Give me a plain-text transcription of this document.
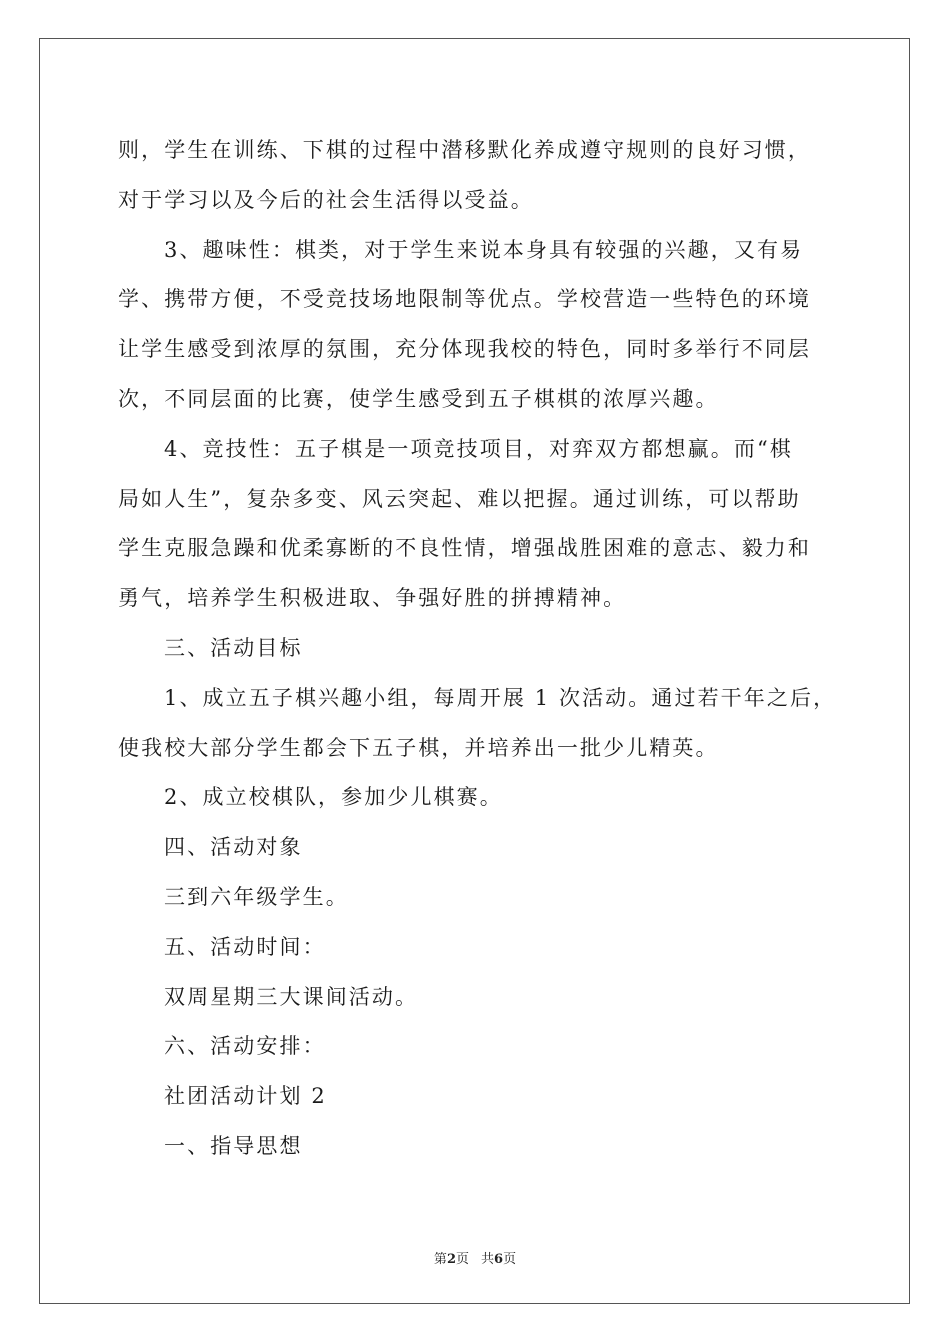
则，学生在训练、下棋的过程中潜移默化养成遵守规则的良好习惯，
对于学习以及今后的社会生活得以受益。

3、趣味性：棋类，对于学生来说本身具有较强的兴趣，又有易
学、携带方便，不受竞技场地限制等优点。学校营造一些特色的环境
让学生感受到浓厚的氛围，充分体现我校的特色，同时多举行不同层
次，不同层面的比赛，使学生感受到五子棋棋的浓厚兴趣。

4、竞技性：五子棋是一项竞技项目，对弈双方都想赢。而“棋
局如人生”，复杂多变、风云突起、难以把握。通过训练，可以帮助
学生克服急躁和优柔寡断的不良性情，增强战胜困难的意志、毅力和
勇气，培养学生积极进取、争强好胜的拼搏精神。

三、活动目标

1、成立五子棋兴趣小组，每周开展 1 次活动。通过若干年之后，
使我校大部分学生都会下五子棋，并培养出一批少儿精英。

2、成立校棋队，参加少儿棋赛。

四、活动对象

三到六年级学生。

五、活动时间：

双周星期三大课间活动。

六、活动安排：

社团活动计划 2

一、指导思想

第2页 共6页
